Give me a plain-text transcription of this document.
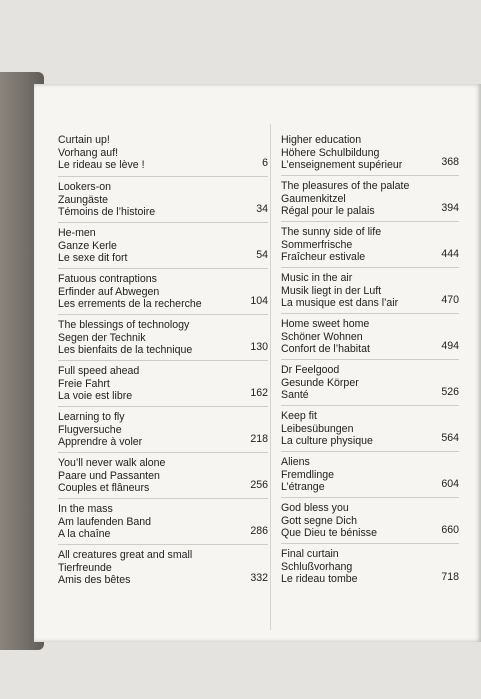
Curtain up!
Vorhang auf!
Le rideau se lève !	6
Lookers-on
Zaungäste
Témoins de l’histoire	34
He-men
Ganze Kerle
Le sexe dit fort	54
Fatuous contraptions
Erfinder auf Abwegen
Les errements de la recherche	104
The blessings of technology
Segen der Technik
Les bienfaits de la technique	130
Full speed ahead
Freie Fahrt
La voie est libre	162
Learning to fly
Flugversuche
Apprendre à voler	218
You’ll never walk alone
Paare und Passanten
Couples et flâneurs	256
In the mass
Am laufenden Band
A la chaîne	286
All creatures great and small
Tierfreunde
Amis des bêtes	332
Higher education
Höhere Schulbildung
L’enseignement supérieur	368
The pleasures of the palate
Gaumenkitzel
Régal pour le palais	394
The sunny side of life
Sommerfrische
Fraîcheur estivale	444
Music in the air
Musik liegt in der Luft
La musique est dans l’air	470
Home sweet home
Schöner Wohnen
Confort de l’habitat	494
Dr Feelgood
Gesunde Körper
Santé	526
Keep fit
Leibesübungen
La culture physique	564
Aliens
Fremdlinge
L’étrange	604
God bless you
Gott segne Dich
Que Dieu te bénisse	660
Final curtain
Schlußvorhang
Le rideau tombe	718
